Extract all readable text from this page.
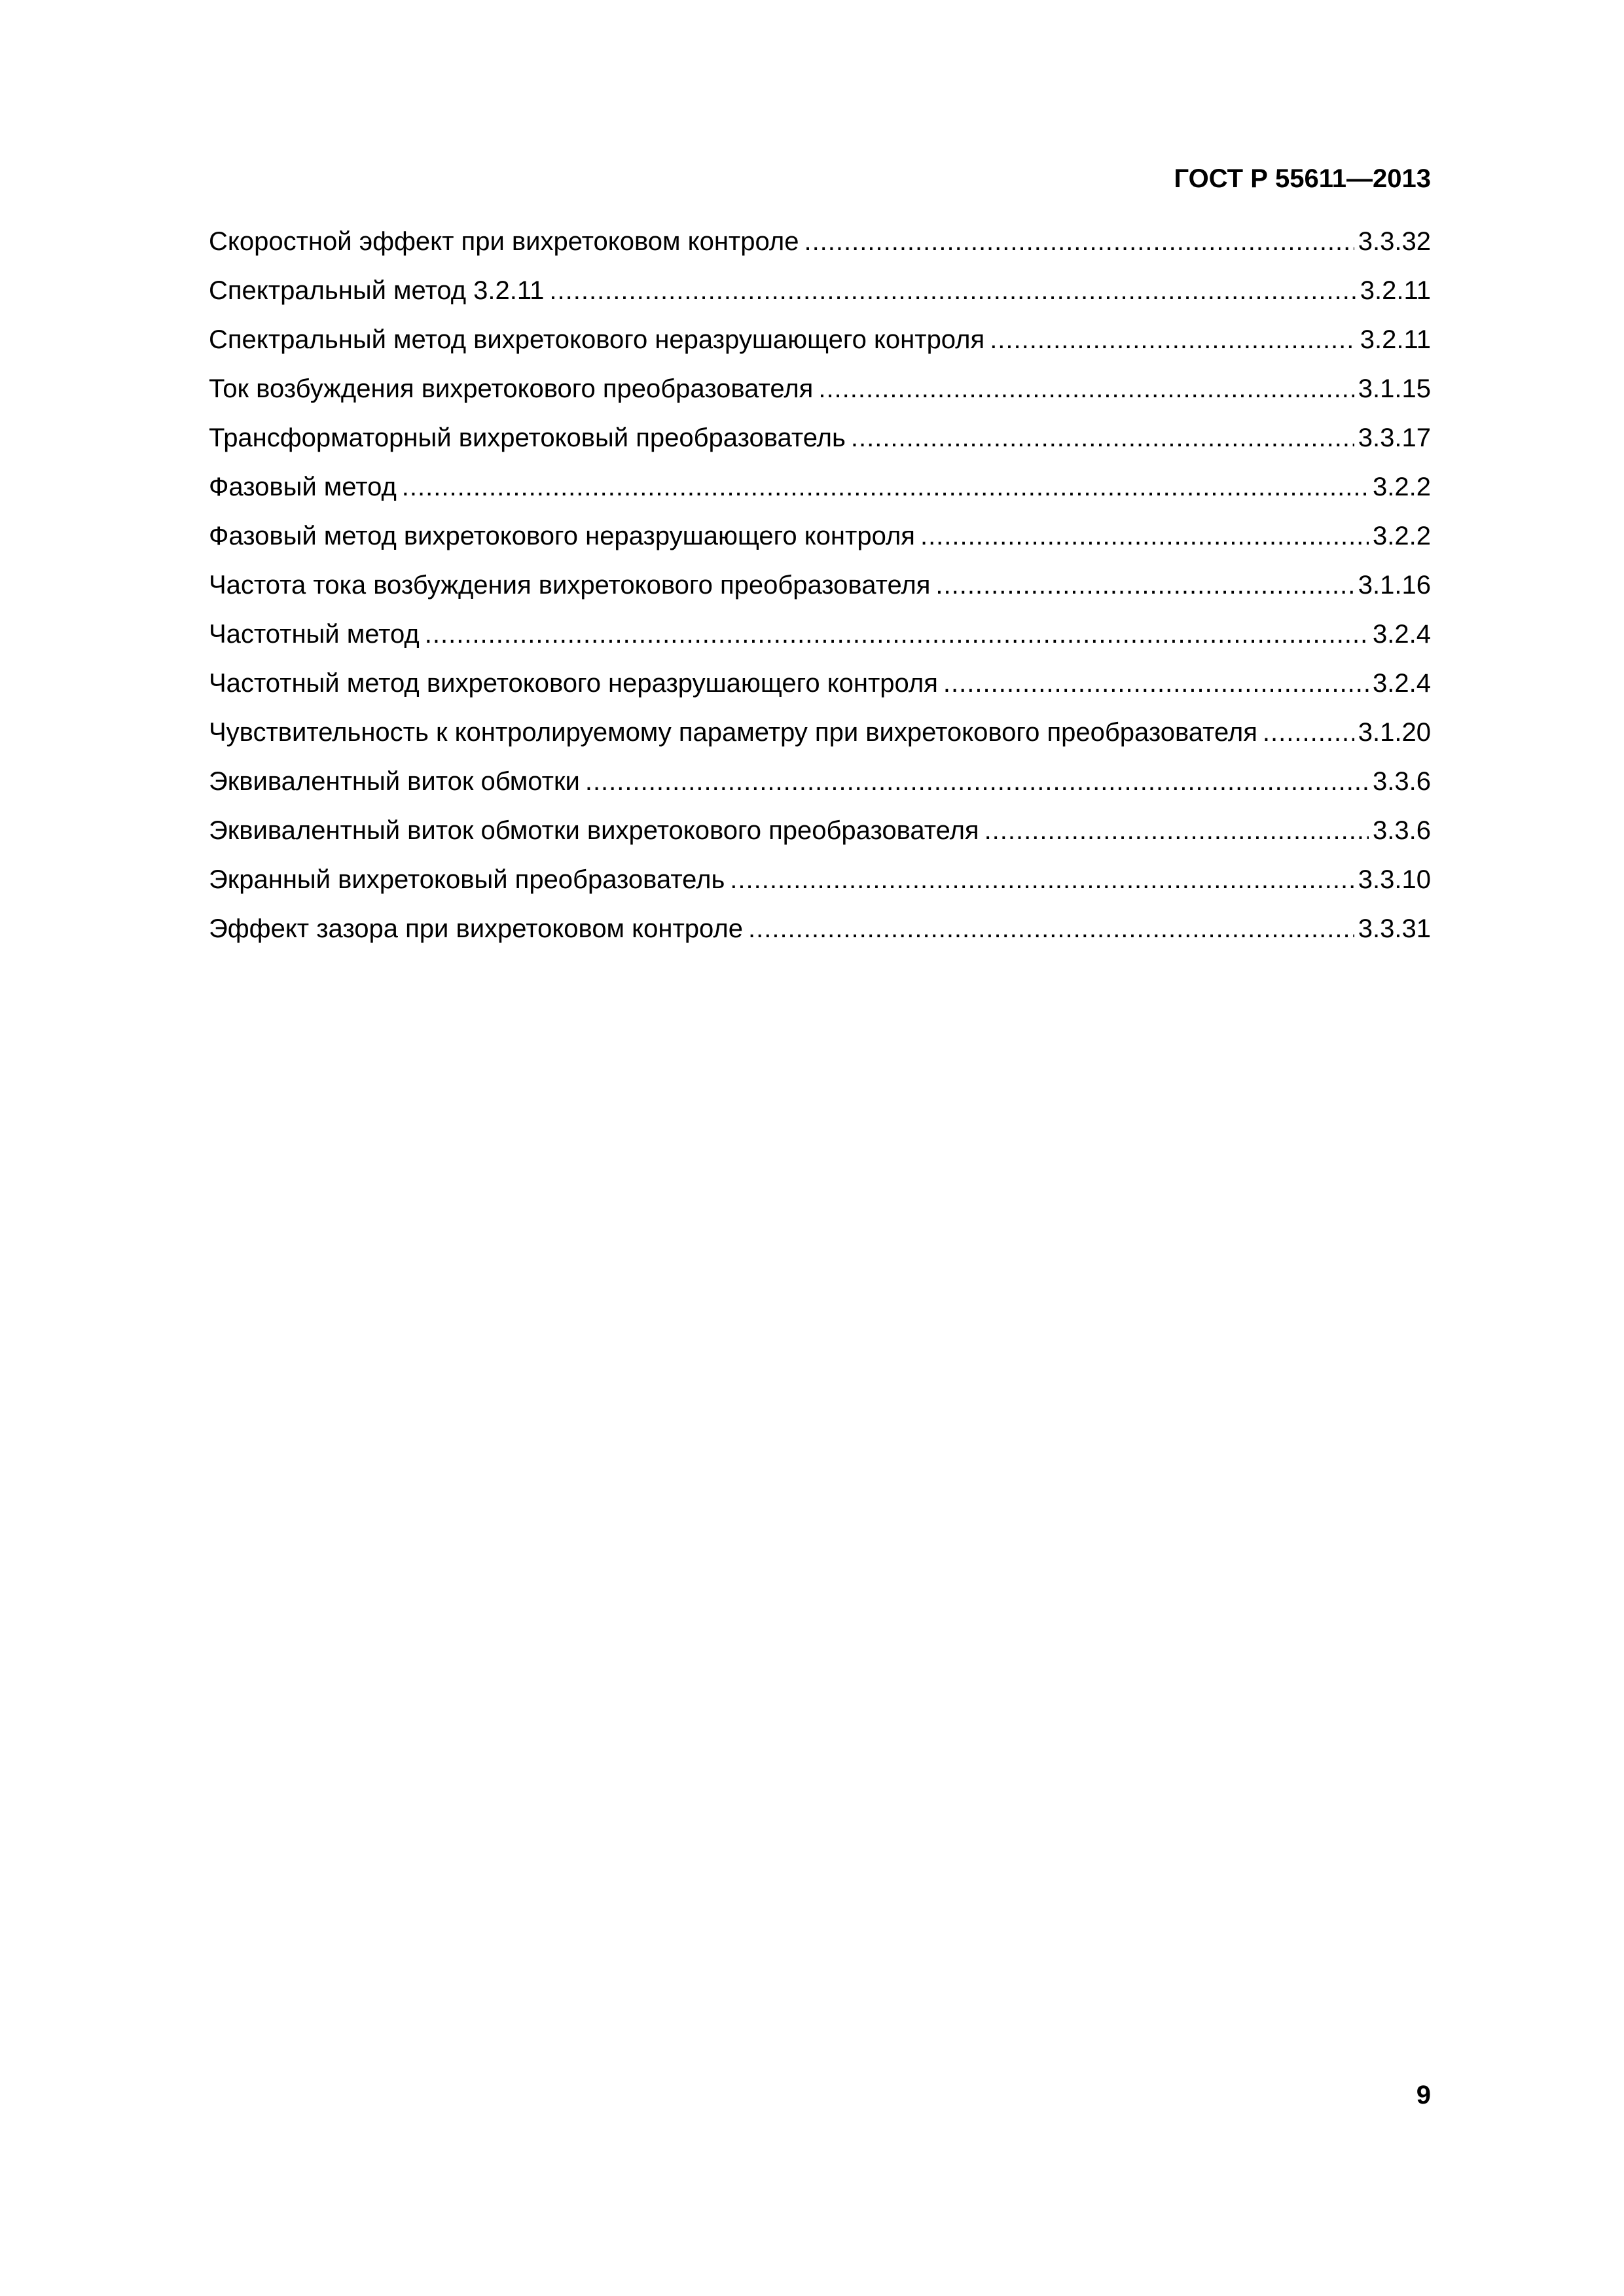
ГОСТ Р 55611—2013
Скоростной эффект при вихретоковом контроле .....	3.3.32
Спектральный метод 3.2.11 .....	3.2.11
Спектральный метод вихретокового неразрушающего контроля .....	3.2.11
Ток возбуждения вихретокового преобразователя .....	3.1.15
Трансформаторный вихретоковый преобразователь .....	3.3.17
Фазовый метод .....	3.2.2
Фазовый метод вихретокового неразрушающего контроля .....	3.2.2
Частота тока возбуждения вихретокового преобразователя .....	3.1.16
Частотный метод .....	3.2.4
Частотный метод вихретокового неразрушающего контроля .....	3.2.4
Чувствительность к контролируемому параметру при вихретокового преобразователя .....	3.1.20
Эквивалентный виток обмотки .....	3.3.6
Эквивалентный виток обмотки вихретокового преобразователя .....	3.3.6
Экранный вихретоковый преобразователь .....	3.3.10
Эффект зазора при вихретоковом контроле .....	3.3.31
9
